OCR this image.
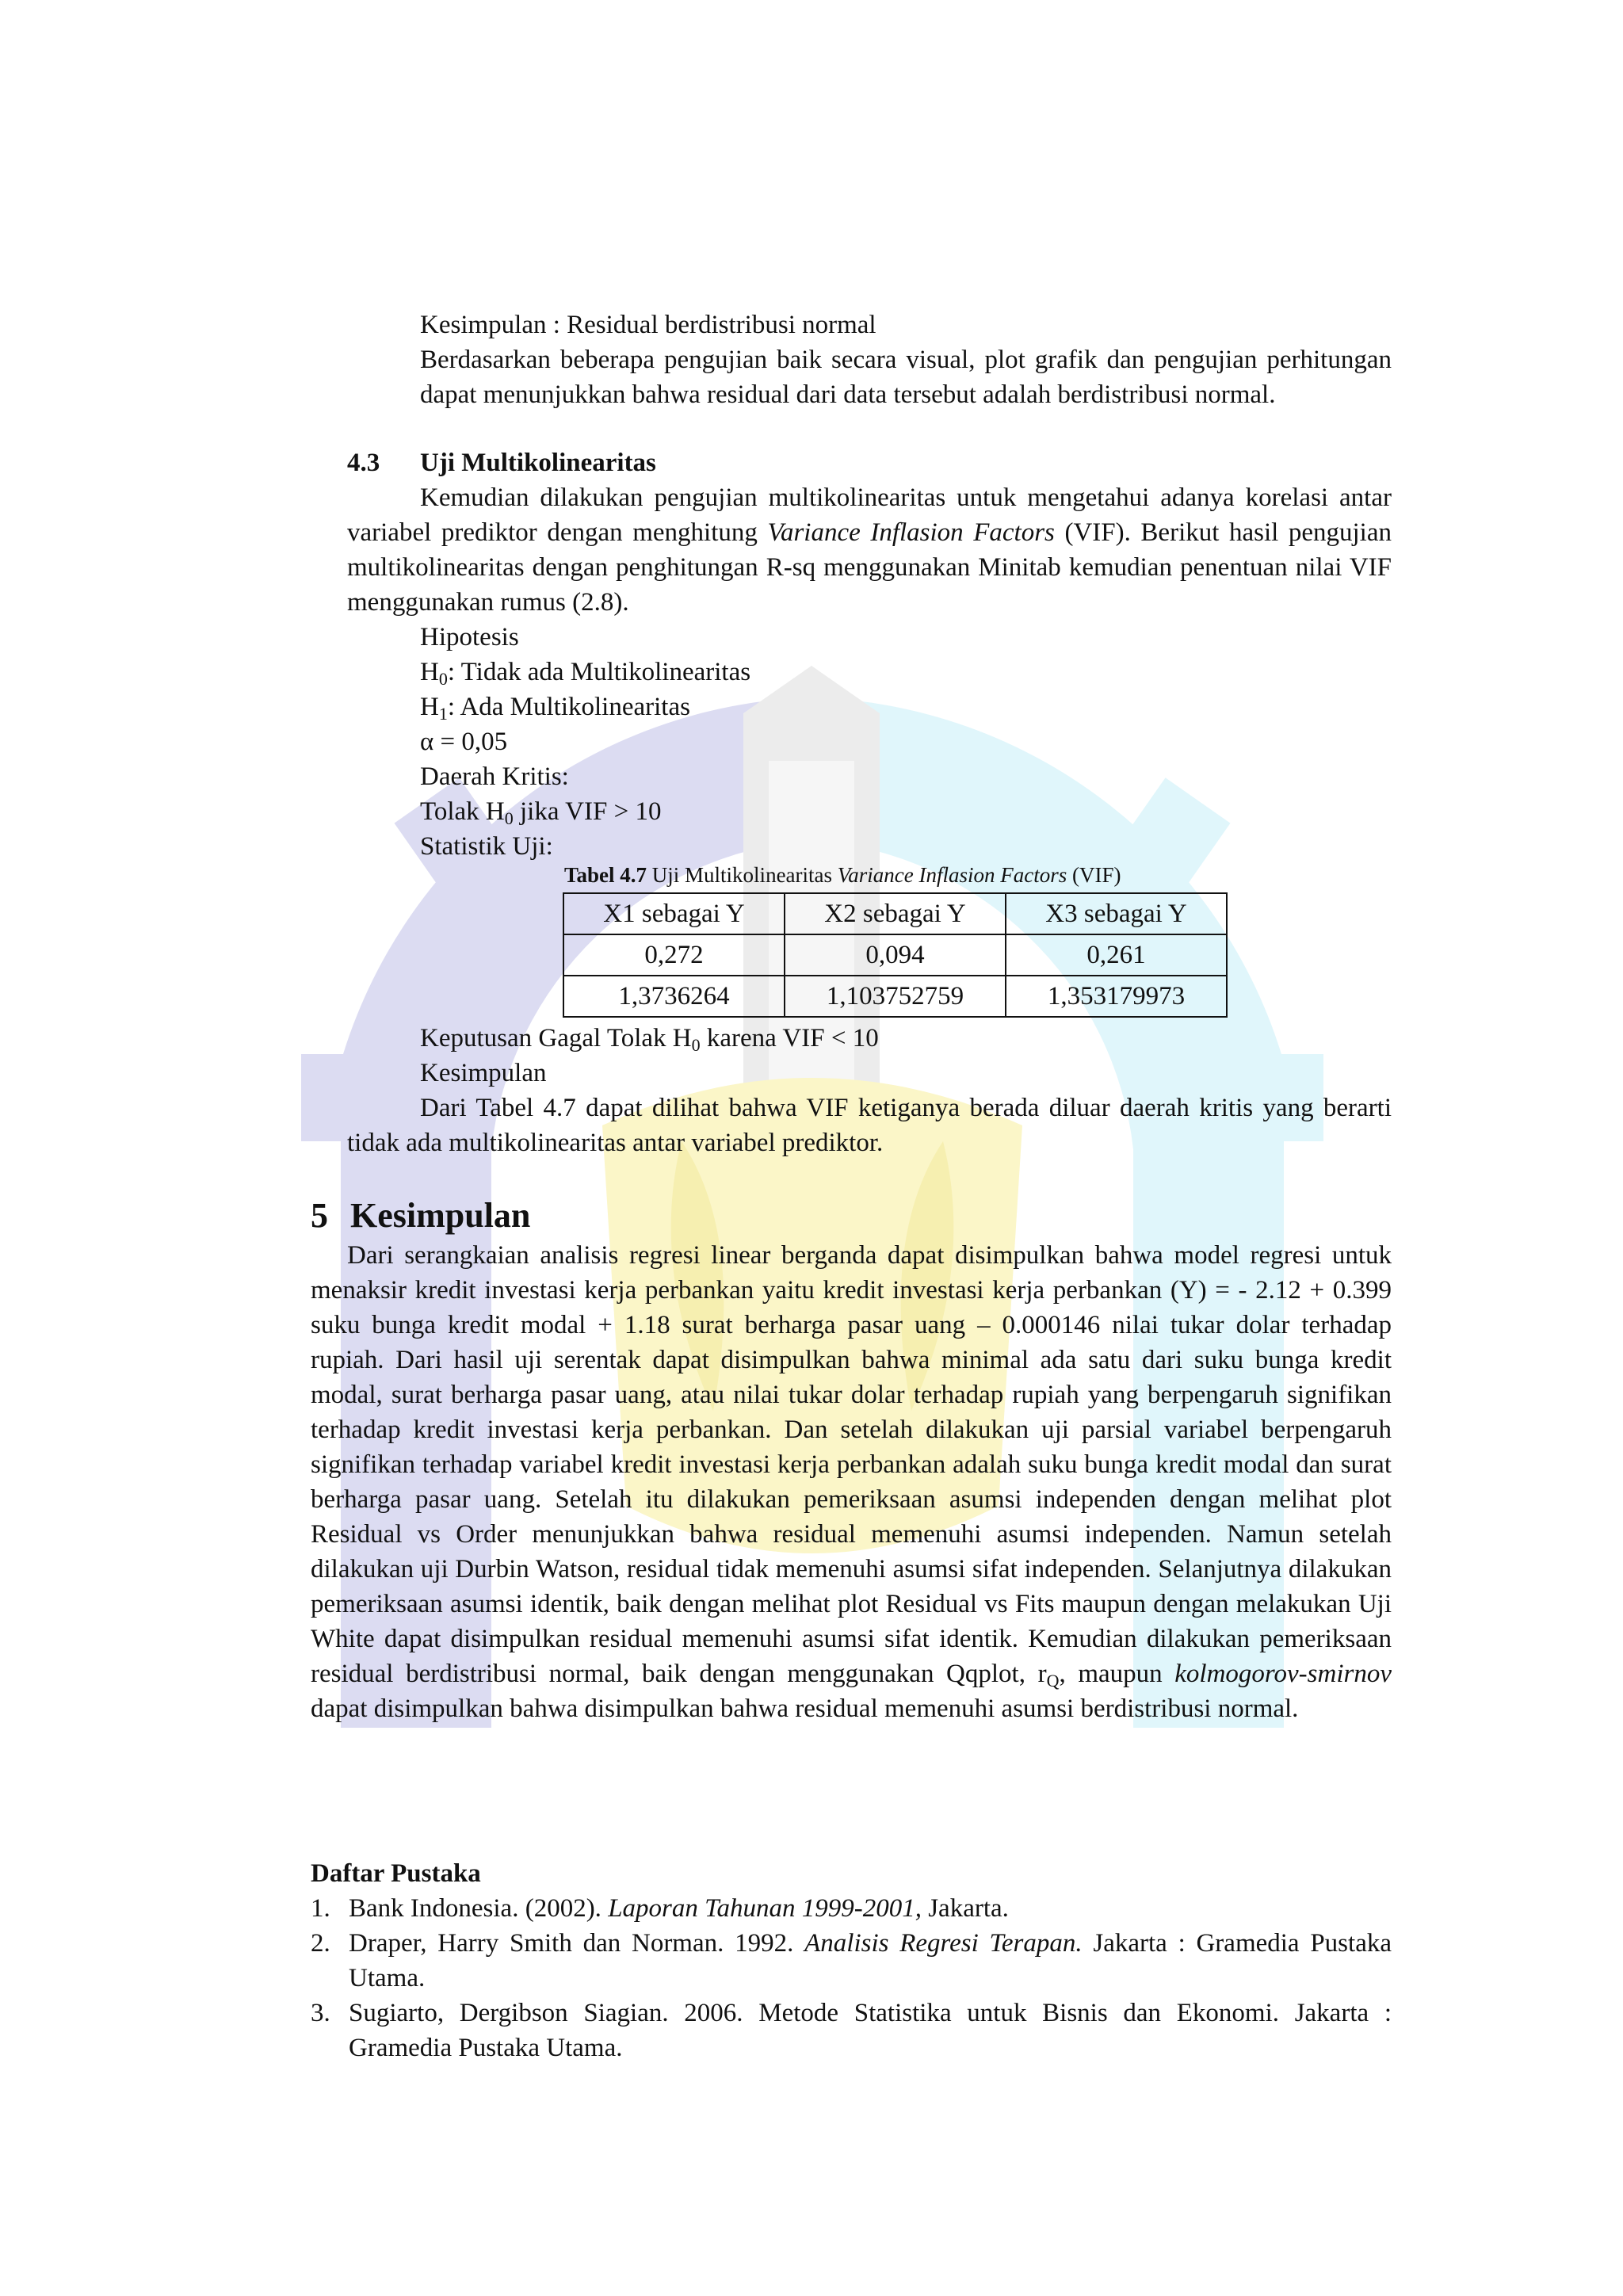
Kesimpulan : Residual berdistribusi normal
Berdasarkan beberapa pengujian baik secara visual, plot grafik dan pengujian perhitungan dapat menunjukkan bahwa residual dari data tersebut adalah berdistribusi normal.
4.3 Uji Multikolinearitas
Kemudian dilakukan pengujian multikolinearitas untuk mengetahui adanya korelasi antar variabel prediktor dengan menghitung Variance Inflasion Factors (VIF). Berikut hasil pengujian multikolinearitas dengan penghitungan R-sq menggunakan Minitab kemudian penentuan nilai VIF menggunakan rumus (2.8).
Hipotesis
$H_0$: Tidak ada Multikolinearitas
$H_1$: Ada Multikolinearitas
α = 0,05
Daerah Kritis:
Tolak $H_0$ jika VIF > 10
Statistik Uji:
Tabel 4.7 Uji Multikolinearitas Variance Inflasion Factors (VIF)
X1 sebagai Y	X2 sebagai Y	X3 sebagai Y
0,272	0,094	0,261
1,3736264	1,103752759	1,353179973
Keputusan Gagal Tolak $H_0$ karena VIF < 10
Kesimpulan
Dari Tabel 4.7 dapat dilihat bahwa VIF ketiganya berada diluar daerah kritis yang berarti tidak ada multikolinearitas antar variabel prediktor.
5 Kesimpulan
Dari serangkaian analisis regresi linear berganda dapat disimpulkan bahwa model regresi untuk menaksir kredit investasi kerja perbankan yaitu kredit investasi kerja perbankan (Y) = - 2.12 + 0.399 suku bunga kredit modal + 1.18 surat berharga pasar uang – 0.000146 nilai tukar dolar terhadap rupiah. Dari hasil uji serentak dapat disimpulkan bahwa minimal ada satu dari suku bunga kredit modal, surat berharga pasar uang, atau nilai tukar dolar terhadap rupiah yang berpengaruh signifikan terhadap kredit investasi kerja perbankan. Dan setelah dilakukan uji parsial variabel berpengaruh signifikan terhadap variabel kredit investasi kerja perbankan adalah suku bunga kredit modal dan surat berharga pasar uang. Setelah itu dilakukan pemeriksaan asumsi independen dengan melihat plot Residual vs Order menunjukkan bahwa residual memenuhi asumsi independen. Namun setelah dilakukan uji Durbin Watson, residual tidak memenuhi asumsi sifat independen. Selanjutnya dilakukan pemeriksaan asumsi identik, baik dengan melihat plot Residual vs Fits maupun dengan melakukan Uji White dapat disimpulkan residual memenuhi asumsi sifat identik. Kemudian dilakukan pemeriksaan residual berdistribusi normal, baik dengan menggunakan Qqplot, $r_Q$, maupun kolmogorov-smirnov dapat disimpulkan bahwa disimpulkan bahwa residual memenuhi asumsi berdistribusi normal.
Daftar Pustaka
1. Bank Indonesia. (2002). Laporan Tahunan 1999-2001, Jakarta.
2. Draper, Harry Smith dan Norman. 1992. Analisis Regresi Terapan. Jakarta : Gramedia Pustaka Utama.
3. Sugiarto, Dergibson Siagian. 2006. Metode Statistika untuk Bisnis dan Ekonomi. Jakarta : Gramedia Pustaka Utama.
